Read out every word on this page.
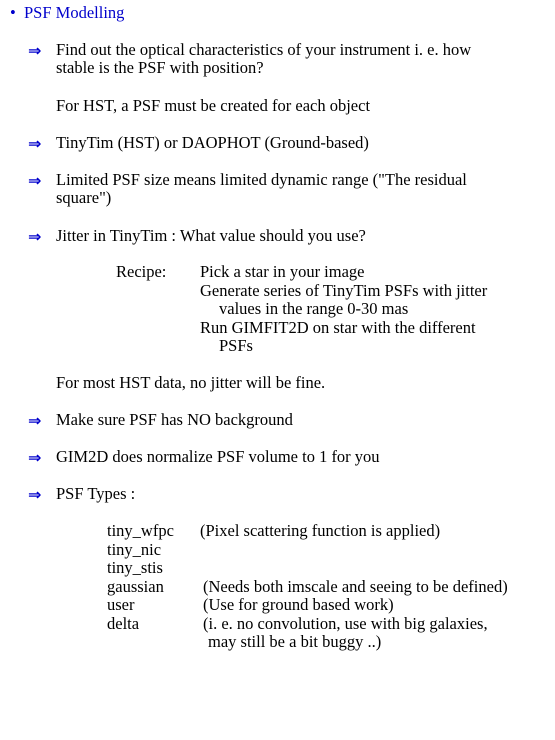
• PSF Modelling
⇒ Find out the optical characteristics of your instrument i. e. how
stable is the PSF with position?
For HST, a PSF must be created for each object
⇒ TinyTim (HST) or DAOPHOT (Ground-based)
⇒ Limited PSF size means limited dynamic range ("The residual
square")
⇒ Jitter in TinyTim : What value should you use?
Recipe: Pick a star in your image
Generate series of TinyTim PSFs with jitter
values in the range 0-30 mas
Run GIMFIT2D on star with the different
PSFs
For most HST data, no jitter will be fine.
⇒ Make sure PSF has NO background
⇒ GIM2D does normalize PSF volume to 1 for you
⇒ PSF Types :
tiny_wfpc (Pixel scattering function is applied)
tiny_nic
tiny_stis
gaussian (Needs both imscale and seeing to be defined)
user	(Use for ground based work)
delta	(i. e. no convolution, use with big galaxies,
may still be a bit buggy ..)
